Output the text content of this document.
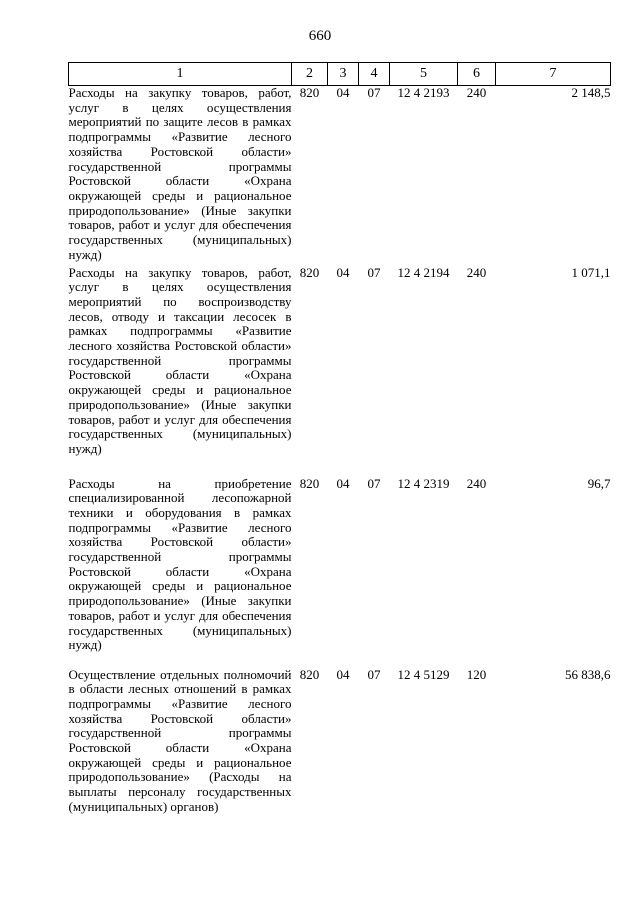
660
1	2	3	4	5	6	7
Расходы на закупку товаров, работ, услуг в целях осуществления мероприятий по защите лесов в рамках подпрограммы «Развитие лесного хозяйства Ростовской области» государственной программы Ростовской области «Охрана окружающей среды и рациональное природопользование» (Иные закупки товаров, работ и услуг для обеспечения государственных (муниципальных) нужд)	820	04	07	12 4 2193	240	2 148,5
Расходы на закупку товаров, работ, услуг в целях осуществления мероприятий по воспроизводству лесов, отводу и таксации лесосек в рамках подпрограммы «Развитие лесного хозяйства Ростовской области» государственной программы Ростовской области «Охрана окружающей среды и рациональное природопользование» (Иные закупки товаров, работ и услуг для обеспечения государственных (муниципальных) нужд)	820	04	07	12 4 2194	240	1 071,1
Расходы на приобретение специализированной лесопожарной техники и оборудования в рамках подпрограммы «Развитие лесного хозяйства Ростовской области» государственной программы Ростовской области «Охрана окружающей среды и рациональное природопользование» (Иные закупки товаров, работ и услуг для обеспечения государственных (муниципальных) нужд)	820	04	07	12 4 2319	240	96,7
Осуществление отдельных полномочий в области лесных отношений в рамках подпрограммы «Развитие лесного хозяйства Ростовской области» государственной программы Ростовской области «Охрана окружающей среды и рациональное природопользование» (Расходы на выплаты персоналу государственных (муниципальных) органов)	820	04	07	12 4 5129	120	56 838,6
